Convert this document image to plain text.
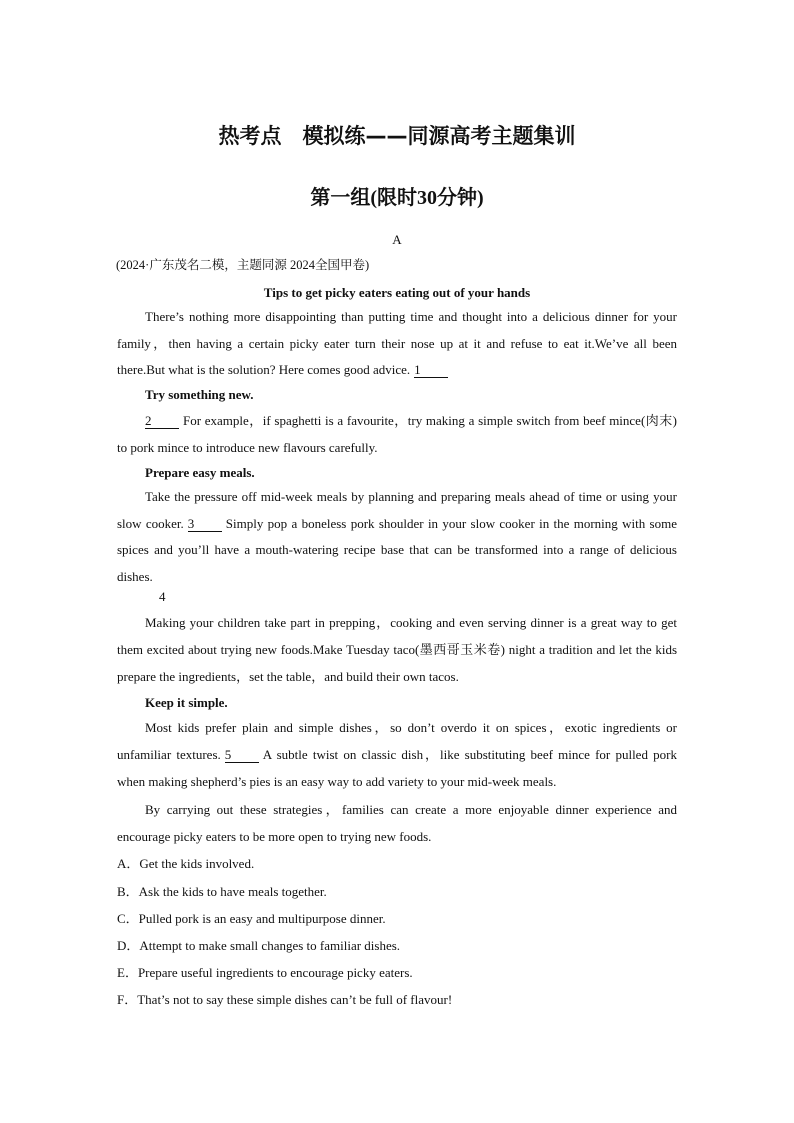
热考点　模拟练——同源高考主题集训
第一组(限时30分钟)
A
(2024·广东茂名二模，主题同源 2024全国甲卷)
Tips to get picky eaters eating out of your hands
There’s nothing more disappointing than putting time and thought into a delicious dinner for your family，then having a certain picky eater turn their nose up at it and refuse to eat it.We’ve all been there.But what is the solution? Here comes good advice. 1
Try something new.
2 For example，if spaghetti is a favourite，try making a simple switch from beef mince(肉末) to pork mince to introduce new flavours carefully.
Prepare easy meals.
Take the pressure off mid-week meals by planning and preparing meals ahead of time or using your slow cooker. 3 Simply pop a boneless pork shoulder in your slow cooker in the morning with some spices and you’ll have a mouth-watering recipe base that can be transformed into a range of delicious dishes.
4
Making your children take part in prepping，cooking and even serving dinner is a great way to get them excited about trying new foods.Make Tuesday taco(墨西哥玉米卷) night a tradition and let the kids prepare the ingredients，set the table，and build their own tacos.
Keep it simple.
Most kids prefer plain and simple dishes，so don’t overdo it on spices，exotic ingredients or unfamiliar textures. 5 A subtle twist on classic dish，like substituting beef mince for pulled pork when making shepherd’s pies is an easy way to add variety to your mid-week meals.
By carrying out these strategies，families can create a more enjoyable dinner experience and encourage picky eaters to be more open to trying new foods.
A．Get the kids involved.
B．Ask the kids to have meals together.
C．Pulled pork is an easy and multipurpose dinner.
D．Attempt to make small changes to familiar dishes.
E．Prepare useful ingredients to encourage picky eaters.
F．That’s not to say these simple dishes can’t be full of flavour!
